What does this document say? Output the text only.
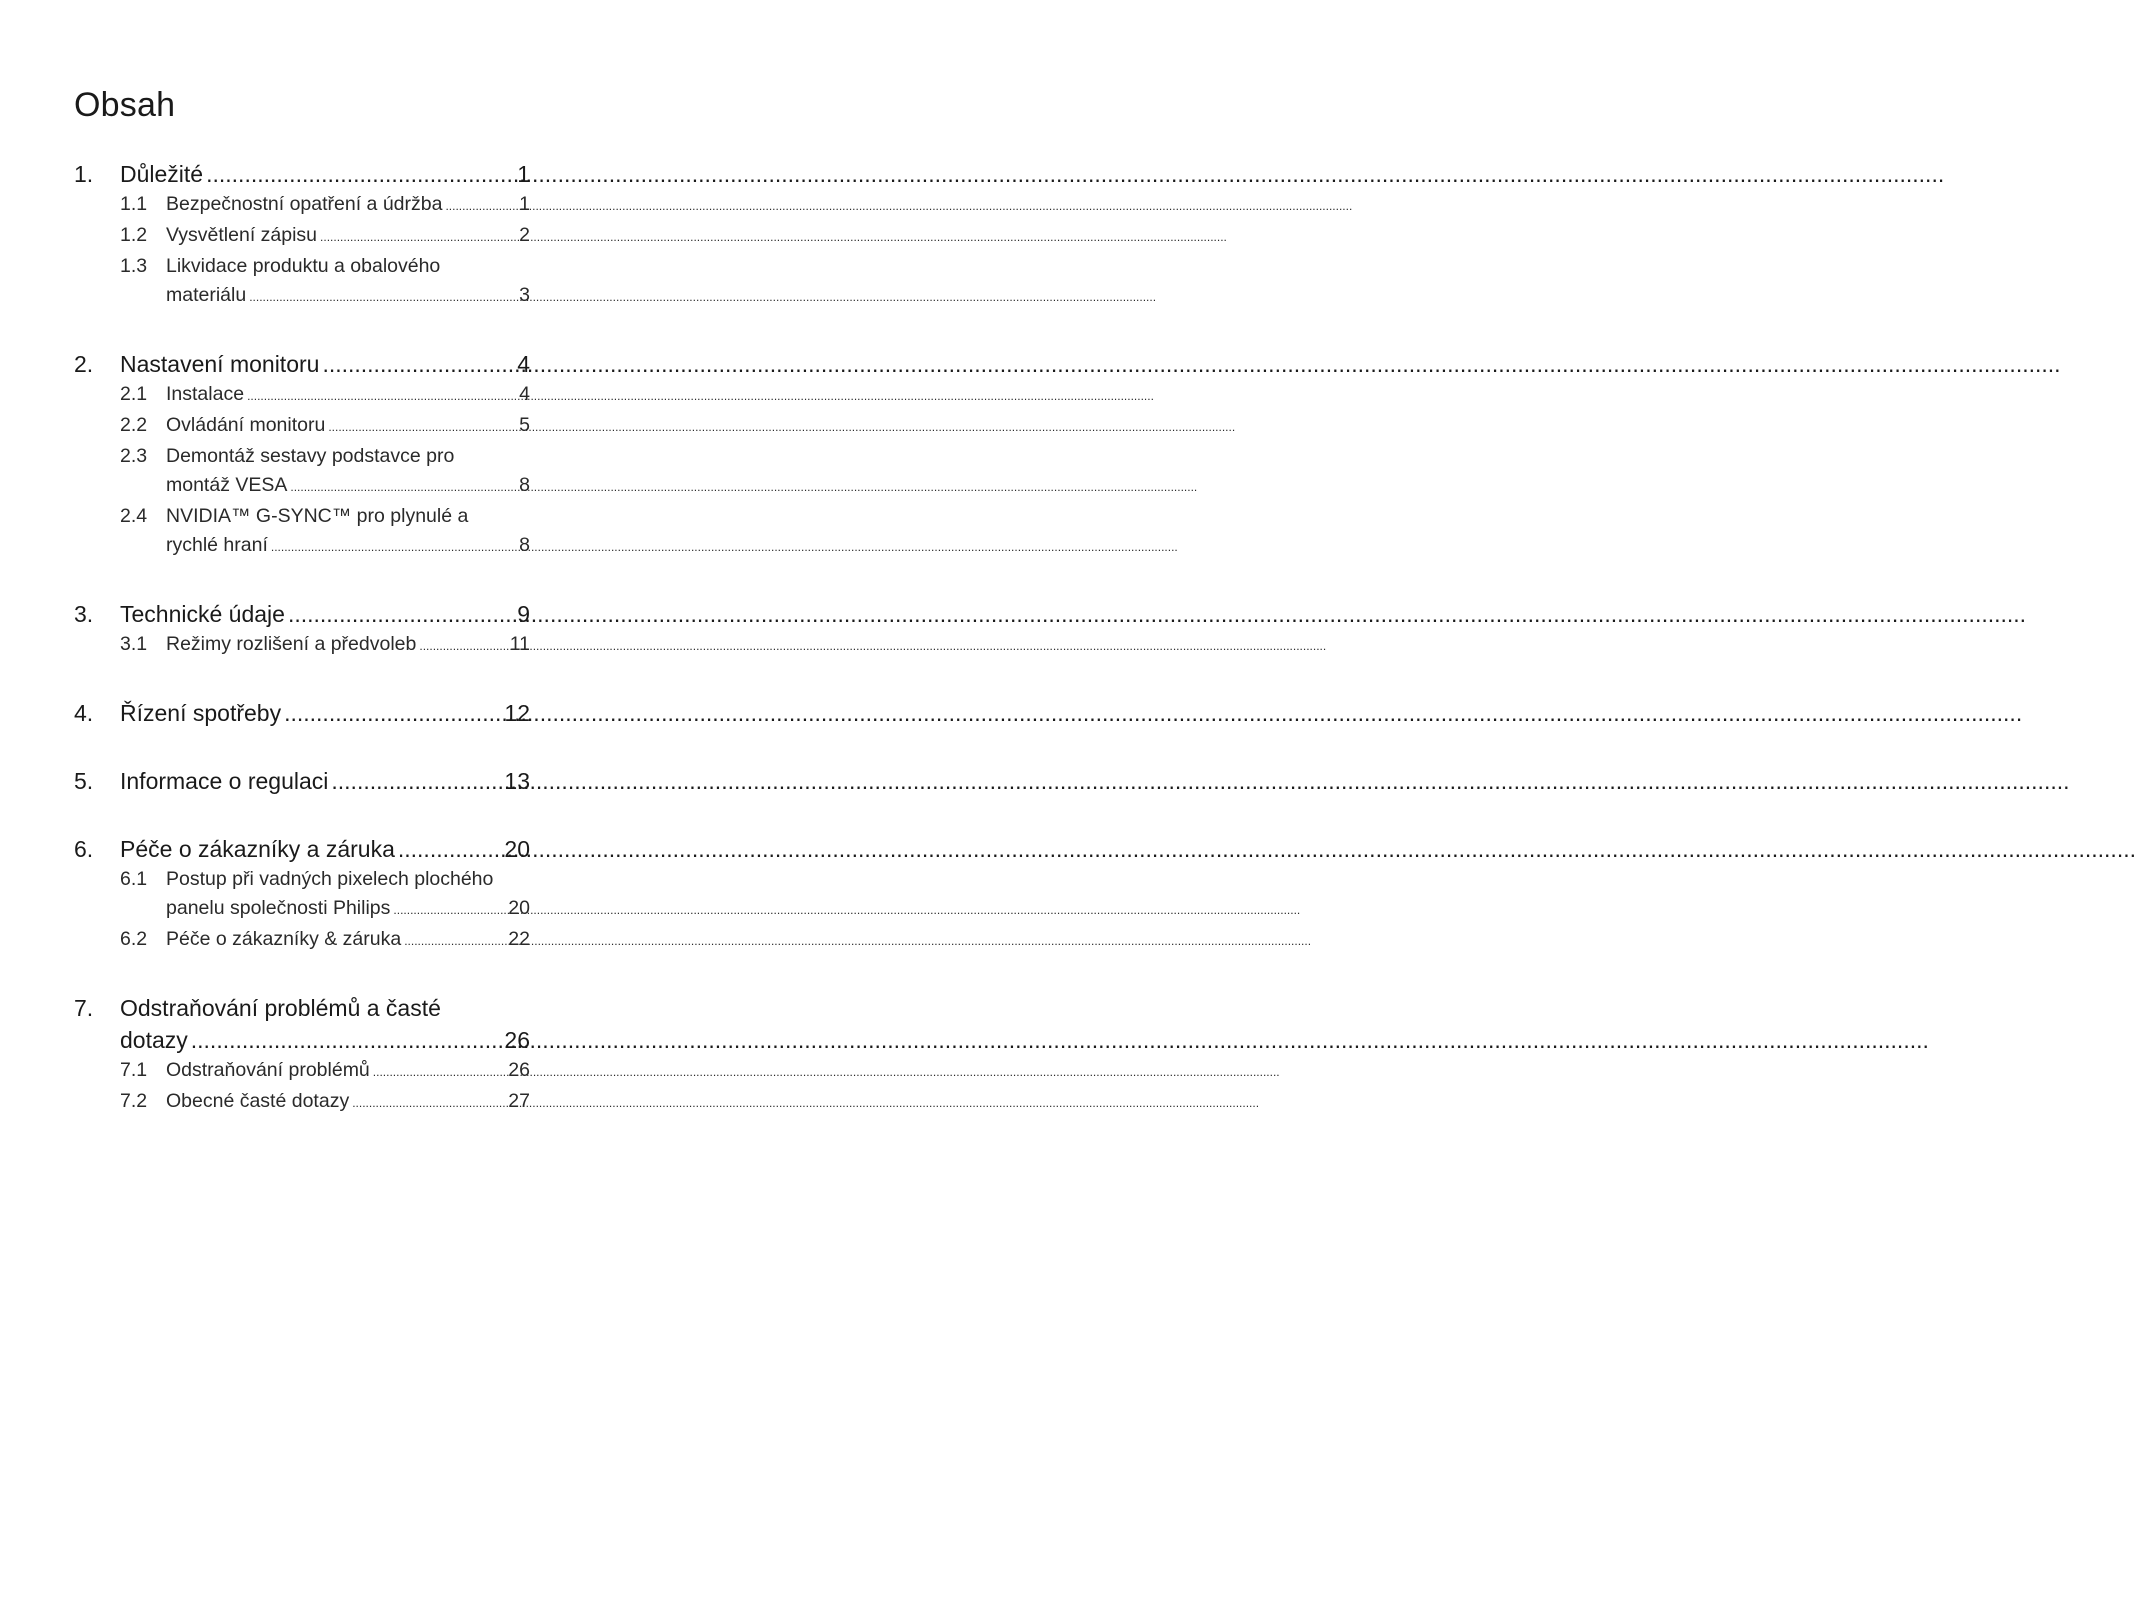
Obsah
1.	Důležité .....	1
1.1 Bezpečnostní opatření a údržba .....	1
1.2 Vysvětlení zápisu .....	2
1.3 Likvidace produktu a obalového
materiálu .....	3
2.	Nastavení monitoru .....	4
2.1 Instalace .....	4
2.2 Ovládání monitoru .....	5
2.3 Demontáž sestavy podstavce pro
montáž VESA .....	8
2.4 NVIDIA™ G-SYNC™ pro plynulé a
rychlé hraní .....	8
3.	Technické údaje .....	9
3.1 Režimy rozlišení a předvoleb .....	11
4.	Řízení spotřeby .....	12
5.	Informace o regulaci .....	13
6.	Péče o zákazníky a záruka .....	20
6.1 Postup při vadných pixelech plochého
panelu společnosti Philips .....	20
6.2 Péče o zákazníky & záruka .....	22
7.	Odstraňování problémů a časté
dotazy .....	26
7.1 Odstraňování problémů .....	26
7.2 Obecné časté dotazy .....	27
